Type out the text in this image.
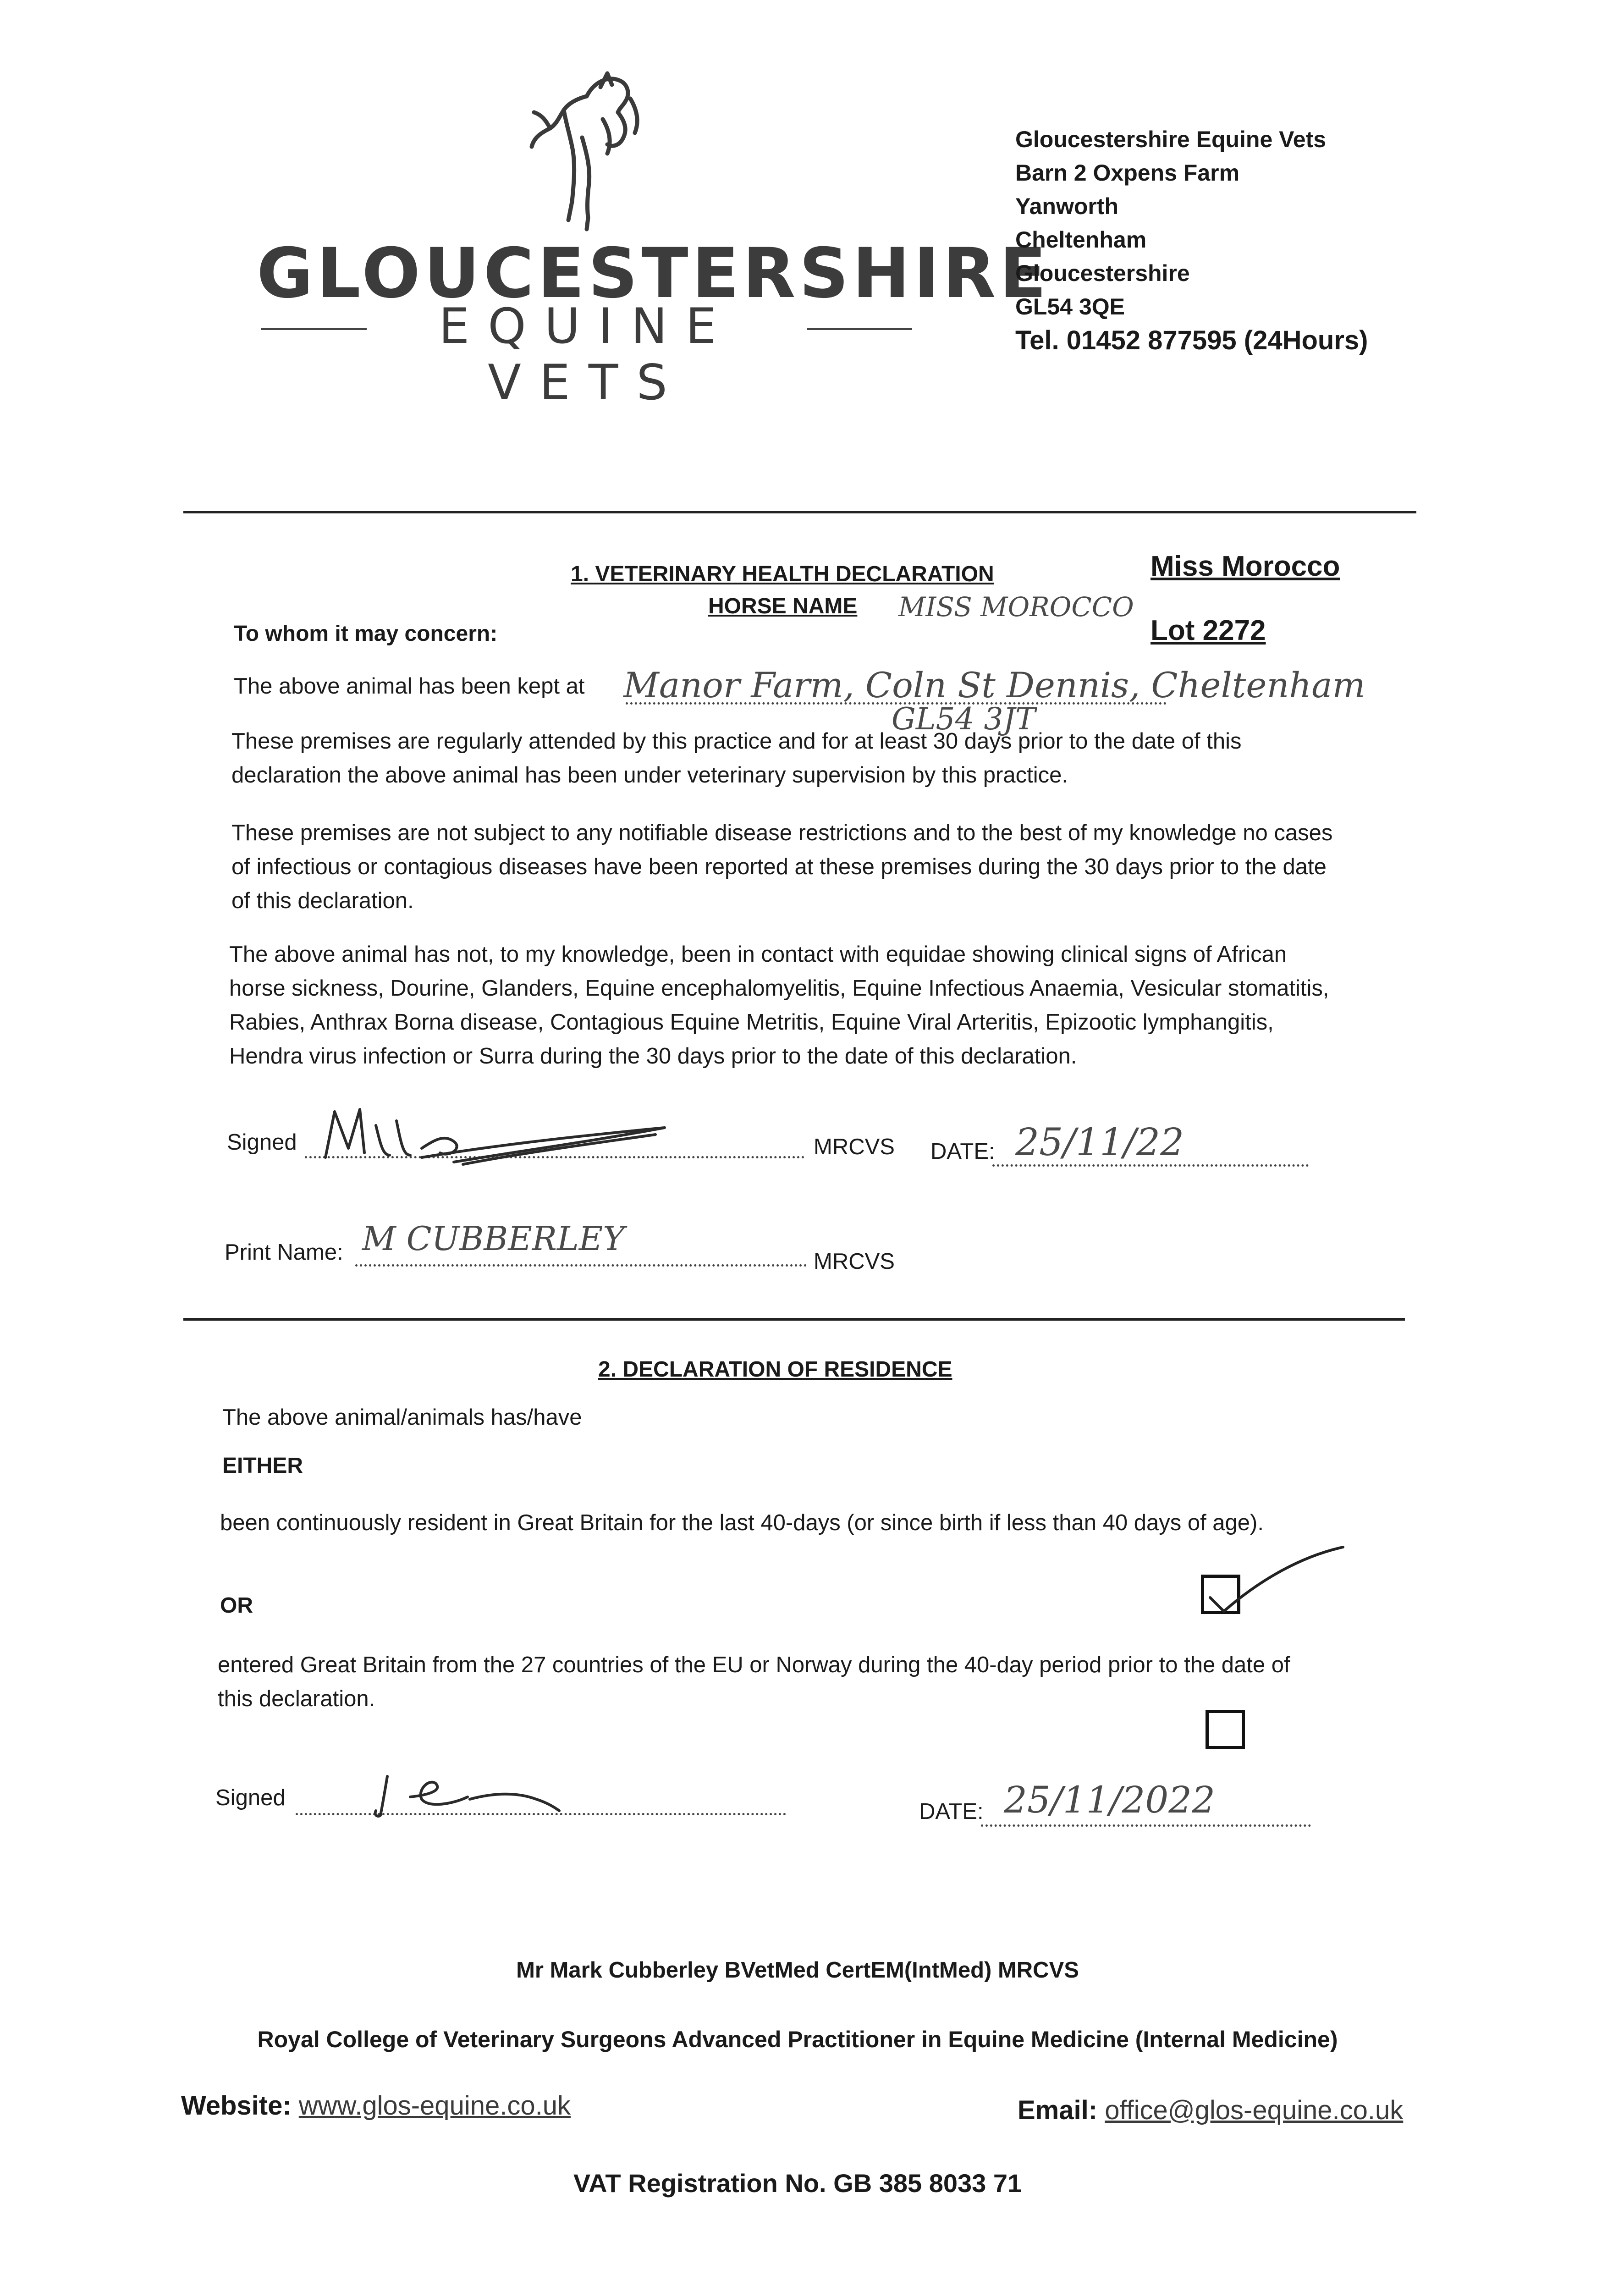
GLOUCESTERSHIRE
EQUINE VETS
Gloucestershire Equine Vets
Barn 2 Oxpens Farm
Yanworth
Cheltenham
Gloucestershire
GL54 3QE
Tel. 01452 877595 (24Hours)
1. VETERINARY HEALTH DECLARATION
HORSE NAME MISS MOROCCO
Miss Morocco
Lot 2272
To whom it may concern:
The above animal has been kept at Manor Farm, Coln St Dennis, Cheltenham
GL54 3JT
These premises are regularly attended by this practice and for at least 30 days prior to the date of this declaration the above animal has been under veterinary supervision by this practice.
These premises are not subject to any notifiable disease restrictions and to the best of my knowledge no cases of infectious or contagious diseases have been reported at these premises during the 30 days prior to the date of this declaration.
The above animal has not, to my knowledge, been in contact with equidae showing clinical signs of African horse sickness, Dourine, Glanders, Equine encephalomyelitis, Equine Infectious Anaemia, Vesicular stomatitis, Rabies, Anthrax Borna disease, Contagious Equine Metritis, Equine Viral Arteritis, Epizootic lymphangitis, Hendra virus infection or Surra during the 30 days prior to the date of this declaration.
Signed	MRCVS DATE: 25/11/22
Print Name: M CUBBERLEY
MRCVS
2. DECLARATION OF RESIDENCE
The above animal/animals has/have
EITHER
been continuously resident in Great Britain for the last 40-days (or since birth if less than 40 days of age).
OR
entered Great Britain from the 27 countries of the EU or Norway during the 40-day period prior to the date of this declaration.
Signed
DATE: 25/11/2022
Mr Mark Cubberley BVetMed CertEM(IntMed) MRCVS
Royal College of Veterinary Surgeons Advanced Practitioner in Equine Medicine (Internal Medicine)
Website: www.glos-equine.co.uk	Email: office@glos-equine.co.uk
VAT Registration No. GB 385 8033 71
